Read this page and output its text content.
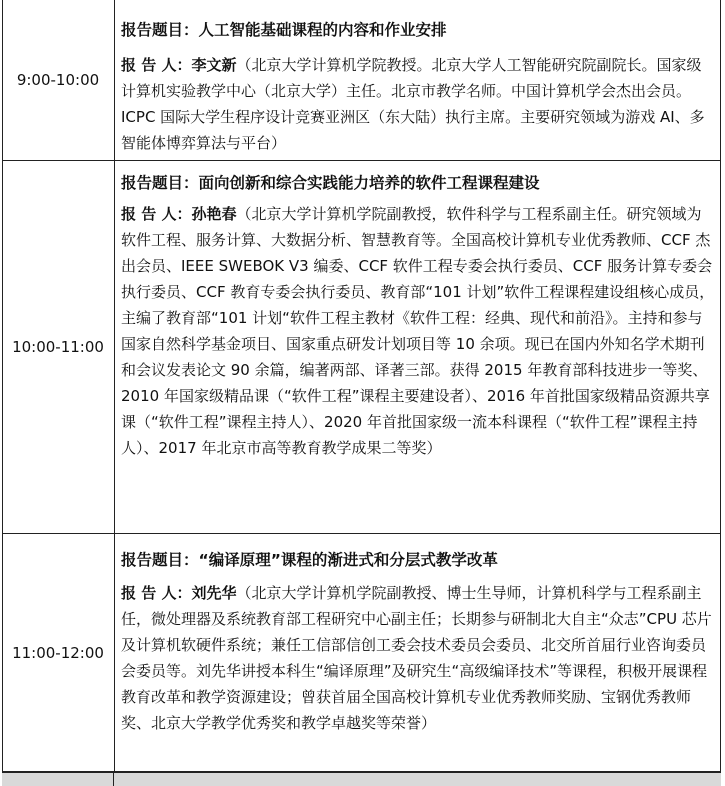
9:00-10:00
报告题目：人工智能基础课程的内容和作业安排
报 告 人：李文新（北京大学计算机学院教授。北京大学人工智能研究院副院长。国家级计算机实验教学中心（北京大学）主任。北京市教学名师。中国计算机学会杰出会员。ICPC 国际大学生程序设计竞赛亚洲区（东大陆）执行主席。主要研究领域为游戏 AI、多智能体博弈算法与平台）
10:00-11:00
报告题目：面向创新和综合实践能力培养的软件工程课程建设
报 告 人：孙艳春（北京大学计算机学院副教授，软件科学与工程系副主任。研究领域为软件工程、服务计算、大数据分析、智慧教育等。全国高校计算机专业优秀教师、CCF 杰出会员、IEEE SWEBOK V3 编委、CCF 软件工程专委会执行委员、CCF 服务计算专委会执行委员、CCF 教育专委会执行委员、教育部“101 计划”软件工程课程建设组核心成员，主编了教育部“101 计划“软件工程主教材《软件工程：经典、现代和前沿》。主持和参与国家自然科学基金项目、国家重点研发计划项目等 10 余项。现已在国内外知名学术期刊和会议发表论文 90 余篇，编著两部、译著三部。获得 2015 年教育部科技进步一等奖、2010 年国家级精品课（“软件工程”课程主要建设者）、2016 年首批国家级精品资源共享课（“软件工程”课程主持人）、2020 年首批国家级一流本科课程（“软件工程”课程主持人）、2017 年北京市高等教育教学成果二等奖）
11:00-12:00
报告题目：“编译原理”课程的渐进式和分层式教学改革
报 告 人：刘先华（北京大学计算机学院副教授、博士生导师，计算机科学与工程系副主任，微处理器及系统教育部工程研究中心副主任；长期参与研制北大自主“众志”CPU 芯片及计算机软硬件系统；兼任工信部信创工委会技术委员会委员、北交所首届行业咨询委员会委员等。刘先华讲授本科生“编译原理”及研究生“高级编译技术”等课程，积极开展课程教育改革和教学资源建设；曾获首届全国高校计算机专业优秀教师奖励、宝钢优秀教师奖、北京大学教学优秀奖和教学卓越奖等荣誉）
